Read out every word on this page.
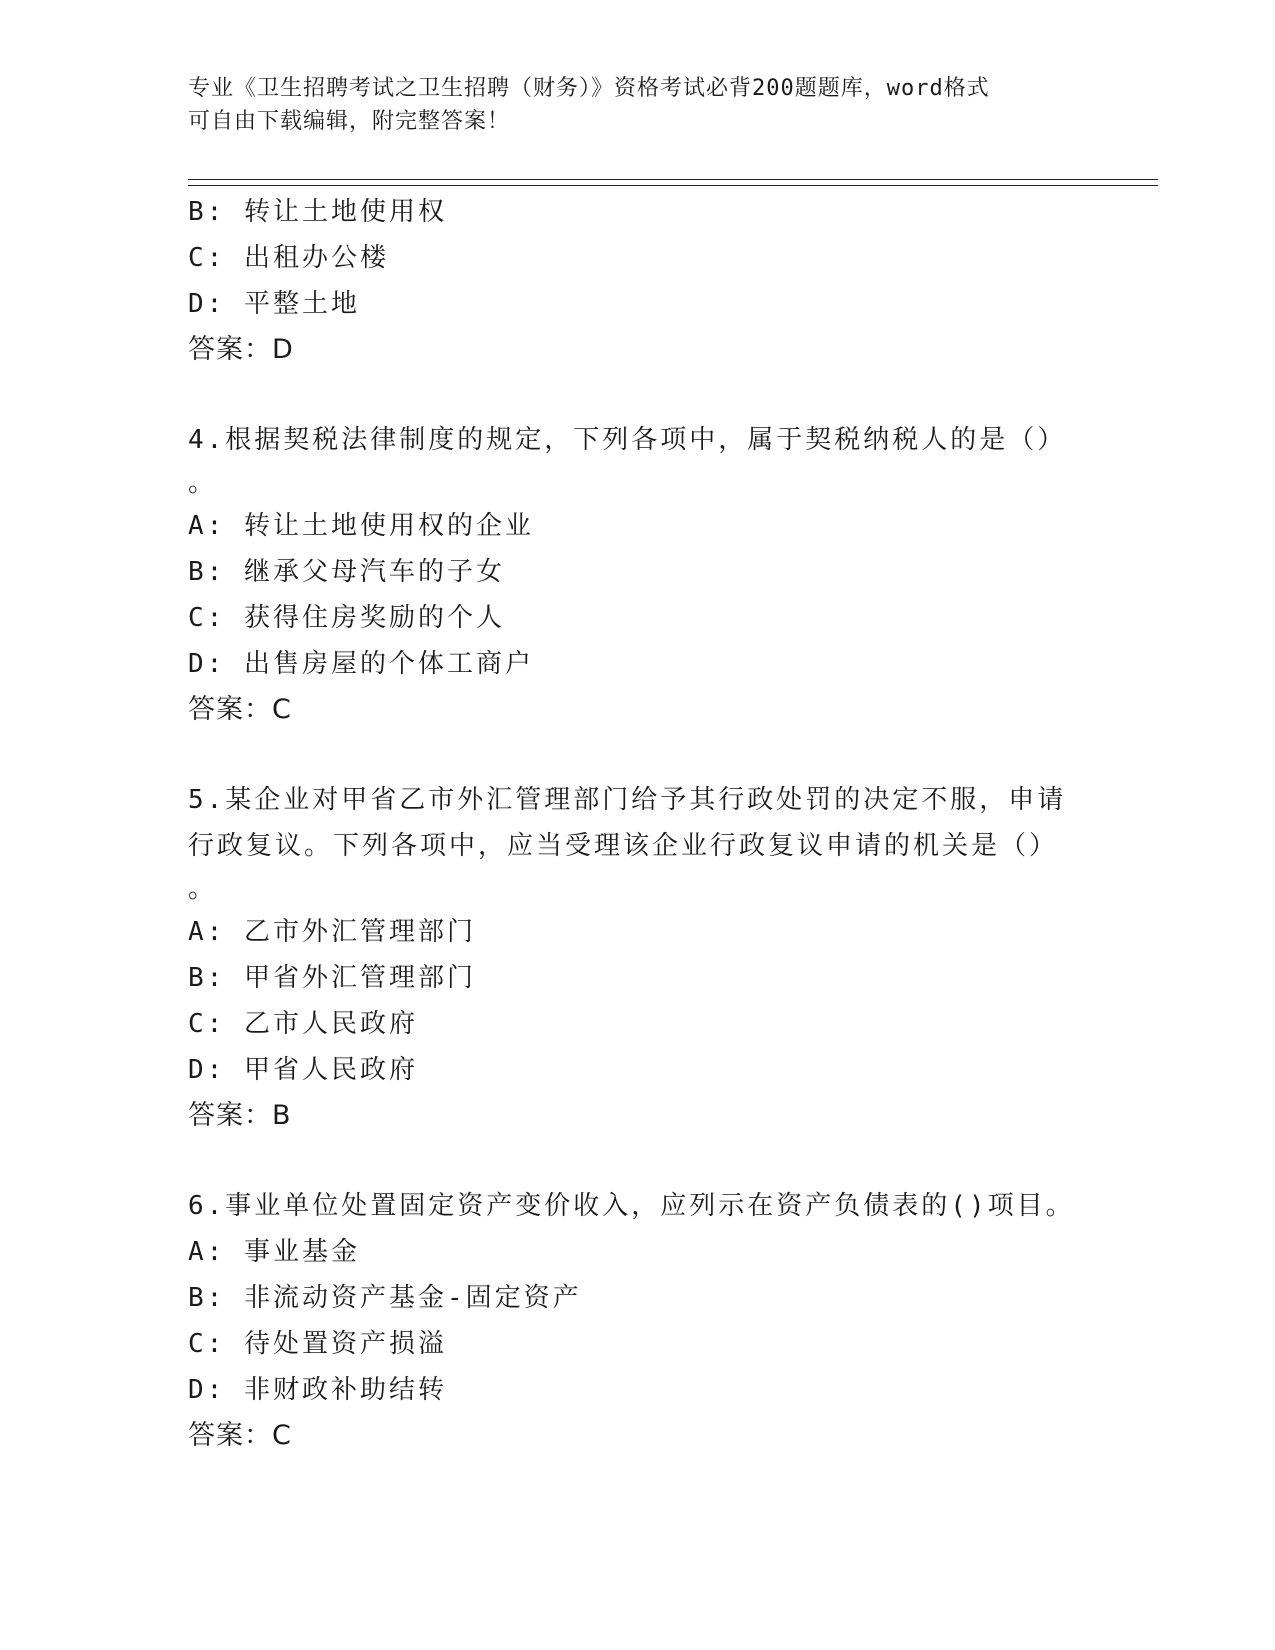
专业《卫生招聘考试之卫生招聘（财务）》资格考试必背200题题库，word格式
可自由下载编辑，附完整答案！
B: 转让土地使用权
C: 出租办公楼
D: 平整土地
答案：D
4.根据契税法律制度的规定，下列各项中，属于契税纳税人的是（）
。
A: 转让土地使用权的企业
B: 继承父母汽车的子女
C: 获得住房奖励的个人
D: 出售房屋的个体工商户
答案：C
5.某企业对甲省乙市外汇管理部门给予其行政处罚的决定不服，申请
行政复议。下列各项中，应当受理该企业行政复议申请的机关是（）
。
A: 乙市外汇管理部门
B: 甲省外汇管理部门
C: 乙市人民政府
D: 甲省人民政府
答案：B
6.事业单位处置固定资产变价收入，应列示在资产负债表的()项目。
A: 事业基金
B: 非流动资产基金-固定资产
C: 待处置资产损溢
D: 非财政补助结转
答案：C
